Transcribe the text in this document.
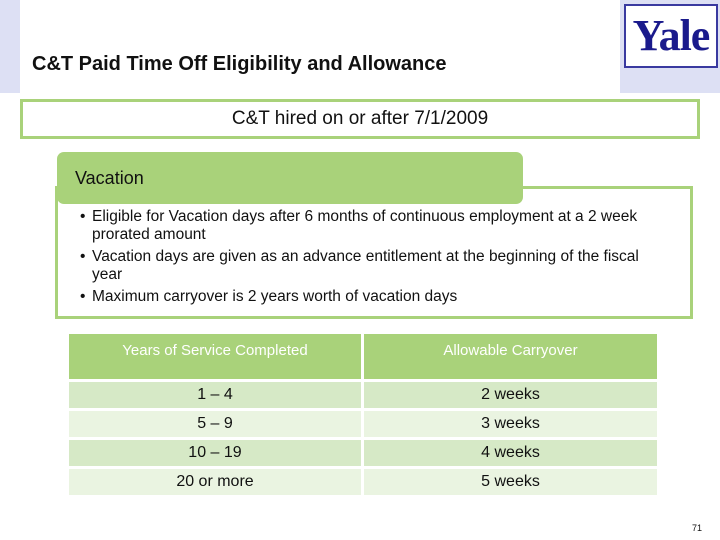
C&T Paid Time Off Eligibility and Allowance
Yale
C&T hired on or after 7/1/2009
Vacation
• Eligible for Vacation days after 6 months of continuous employment at a 2 week prorated amount
• Vacation days are given as an advance entitlement at the beginning of the fiscal year
• Maximum carryover is 2 years worth of vacation days
Years of Service Completed	Allowable Carryover
1 – 4	2 weeks
5 – 9	3 weeks
10 – 19	4 weeks
20 or more	5 weeks
71
